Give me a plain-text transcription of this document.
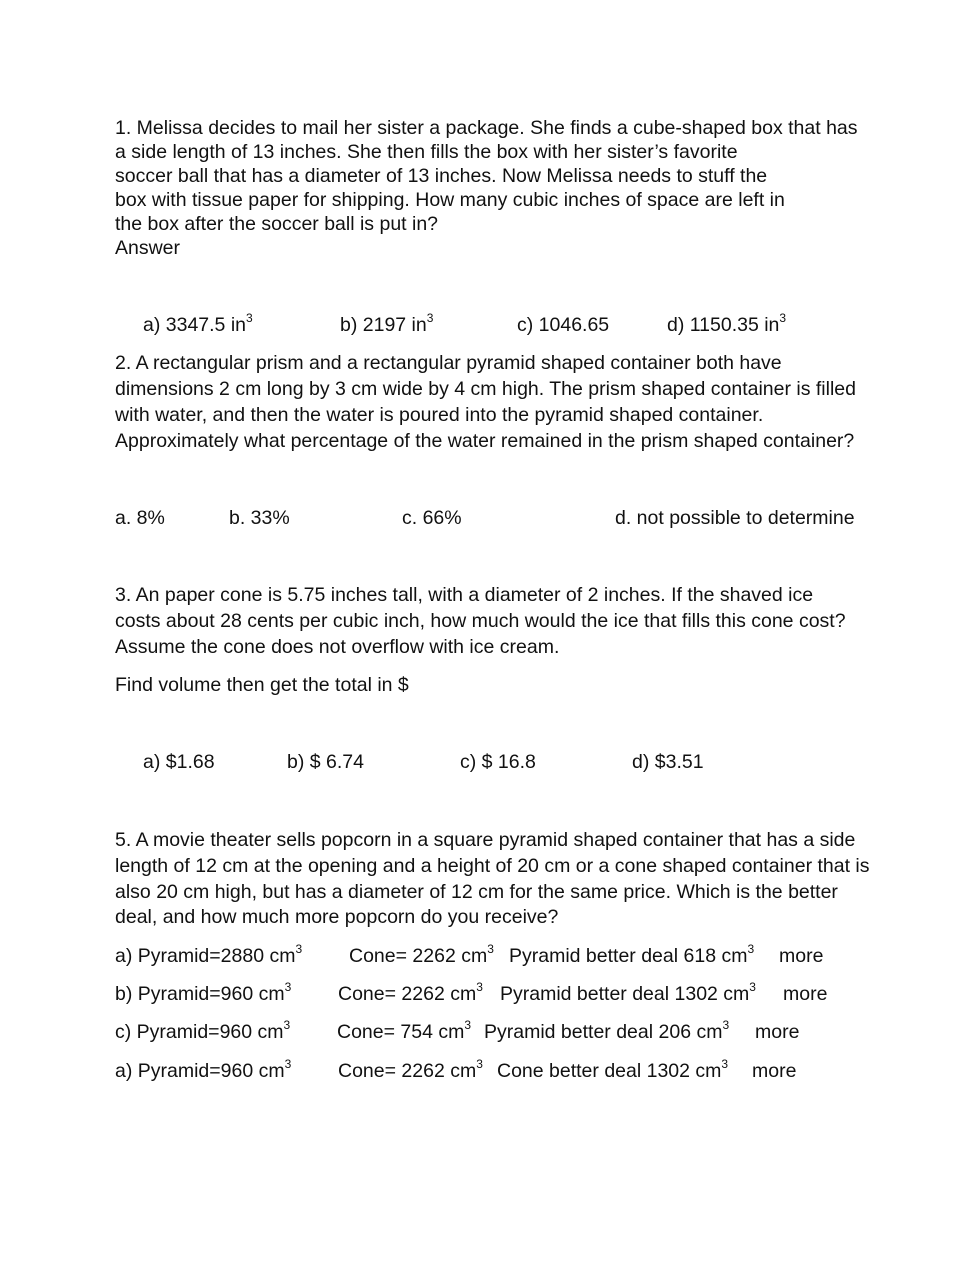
1. Melissa decides to mail her sister a package. She finds a cube-shaped box that has
a side length of 13 inches. She then fills the box with her sister’s favorite
soccer ball that has a diameter of 13 inches. Now Melissa needs to stuff the
box with tissue paper for shipping. How many cubic inches of space are left in
the box after the soccer ball is put in?
Answer
a) 3347.5 $in^3$	b) 2197 $in^3$	c) 1046.65	d) 1150.35 $in^3$
2. A rectangular prism and a rectangular pyramid shaped container both have
dimensions 2 cm long by 3 cm wide by 4 cm high. The prism shaped container is filled
with water, and then the water is poured into the pyramid shaped container.
Approximately what percentage of the water remained in the prism shaped container?
a. 8%	b. 33%	c. 66%	d. not possible to determine
3. An paper cone is 5.75 inches tall, with a diameter of 2 inches. If the shaved ice
costs about 28 cents per cubic inch, how much would the ice that fills this cone cost?
Assume the cone does not overflow with ice cream.
Find volume then get the total in $
a) $1.68	b) $ 6.74	c) $ 16.8	d) $3.51
5. A movie theater sells popcorn in a square pyramid shaped container that has a side
length of 12 cm at the opening and a height of 20 cm or a cone shaped container that is
also 20 cm high, but has a diameter of 12 cm for the same price. Which is the better
deal, and how much more popcorn do you receive?
a) Pyramid=2880 $cm^3$ Cone= 2262 $cm^3$ Pyramid better deal 618 $cm^3$ more
b) Pyramid=960 $cm^3$ Cone= 2262 $cm^3$ Pyramid better deal 1302 $cm^3$ more
c) Pyramid=960 $cm^3$ Cone= 754 $cm^3$ Pyramid better deal 206 $cm^3$ more
a) Pyramid=960 $cm^3$ Cone= 2262 $cm^3$ Cone better deal 1302 $cm^3$ more
